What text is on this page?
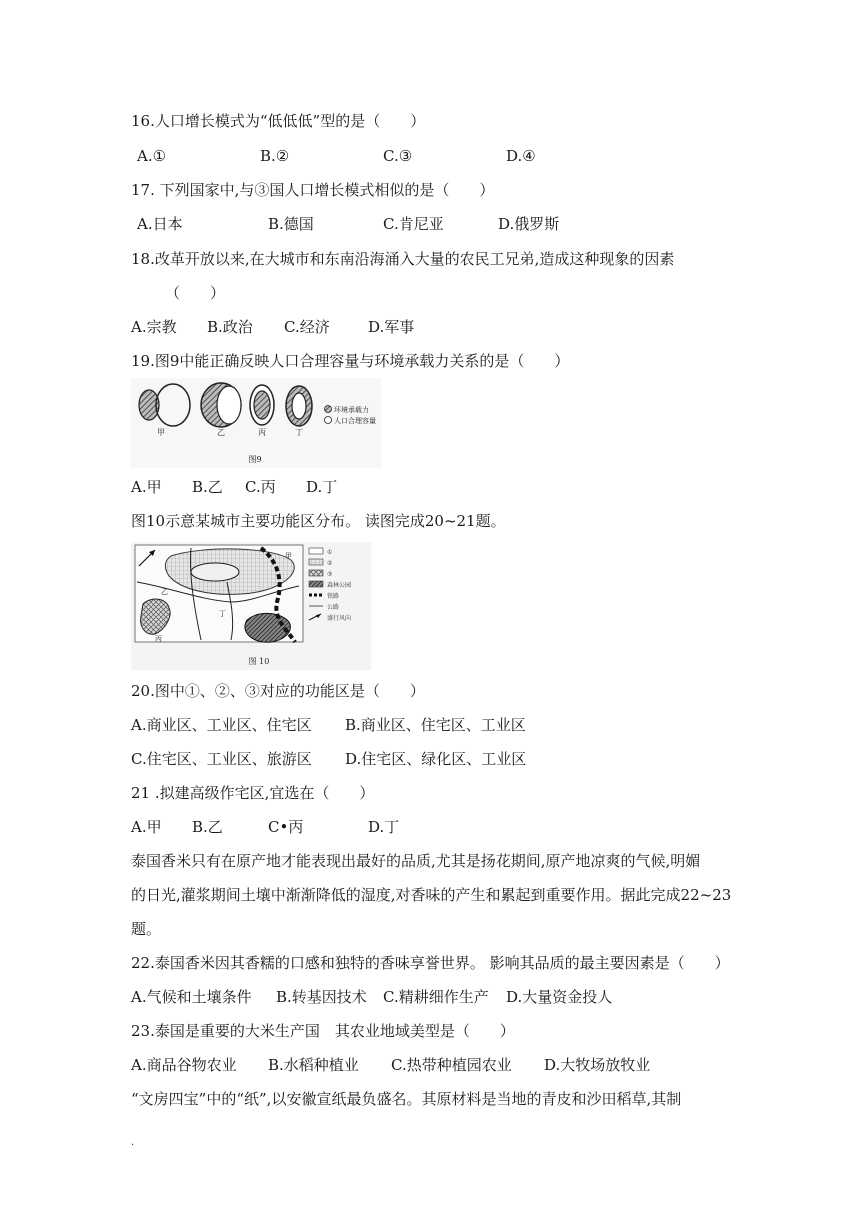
16.人口增长模式为“低低低”型的是（　　）
A.①	B.②	C.③	D.④
17. 下列国家中,与③国人口增长模式相似的是（　　）
A.日本	B.德国	C.肯尼亚	D.俄罗斯
18.改革开放以来,在大城市和东南沿海涌入大量的农民工兄弟,造成这种现象的因素
（　　）
A.宗教 B.政治 C.经济	D.军事
19.图9中能正确反映人口合理容量与环境承载力关系的是（　　）
甲	乙	丙	丁
环境承载力
人口合理容量
图9
A.甲 B.乙 C.丙 D.丁
图10示意某城市主要功能区分布。 读图完成20~21题。
甲
乙
丙
丁
①
②
③
森林公园
铁路
公路
盛行风向
图 10
20.图中①、②、③对应的功能区是（　　）
A.商业区、工业区、住宅区 B.商业区、住宅区、工业区
C.住宅区、工业区、旅游区 D.住宅区、绿化区、工业区
21 .拟建高级作宅区,宜选在（　　）
A.甲 B.乙	C•丙	D.丁
泰国香米只有在原产地才能表现出最好的品质,尤其是扬花期间,原产地凉爽的气候,明媚
的日光,灌浆期间土壤中渐渐降低的湿度,对香味的产生和累起到重要作用。据此完成22~23
题。
22.泰国香米因其香糯的口感和独特的香味享誉世界。 影响其品质的最主要因素是（　　）
A.气候和土壤条件 B.转基因技术 C.精耕细作生产 D.大量资金投人
23.泰国是重要的大米生产国　其农业地域美型是（　　）
A.商品谷物农业 B.水稻种植业 C.热带种植园农业 D.大牧场放牧业
“文房四宝”中的“纸”,以安徽宣纸最负盛名。其原材料是当地的青皮和沙田稻草,其制
.
